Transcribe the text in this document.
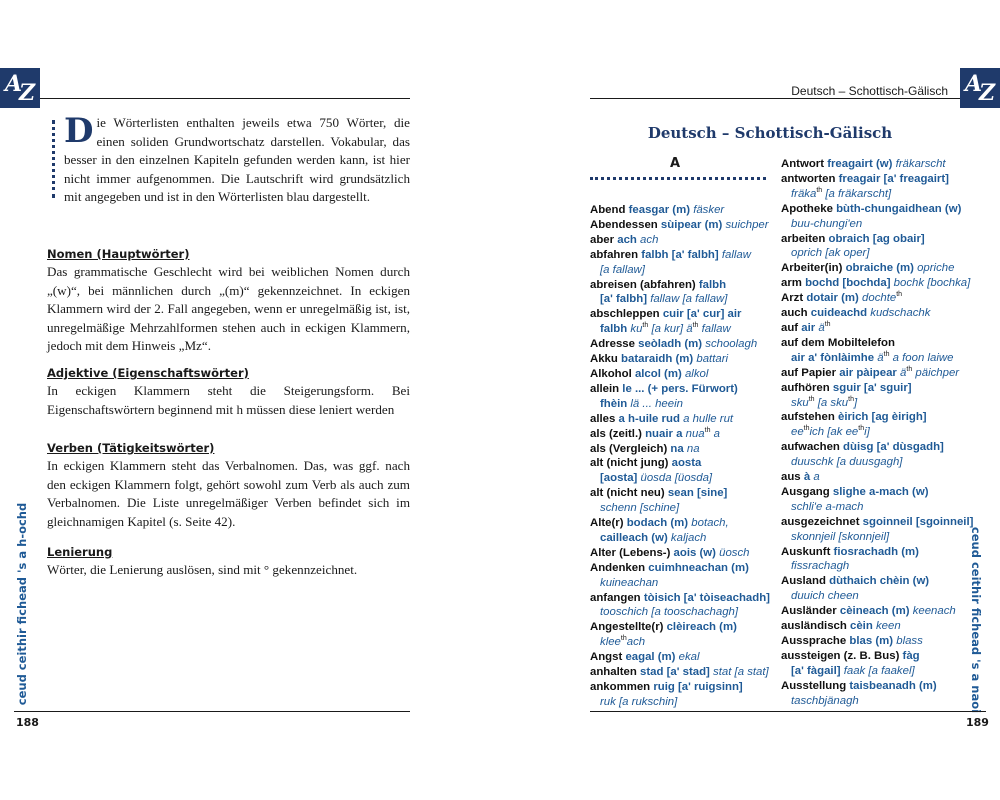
A
Z
Die Wörterlisten enthalten jeweils etwa 750 Wörter, die einen soliden Grundwortschatz darstellen. Vokabular, das besser in den einzelnen Kapiteln gefunden werden kann, ist hier nicht immer aufgenommen. Die Lautschrift wird grundsätzlich mit angegeben und ist in den Wörterlisten blau dargestellt.
Nomen (Hauptwörter)

Das grammatische Geschlecht wird bei weiblichen Nomen durch „(w)“, bei männlichen durch „(m)“ gekennzeichnet. In eckigen Klammern wird der 2. Fall angegeben, wenn er unregelmäßig ist, ist, unregelmäßige Mehrzahlformen stehen auch in eckigen Klammern, jedoch mit dem Hinweis „Mz“.

Adjektive (Eigenschaftswörter)

In eckigen Klammern steht die Steigerungsform. Bei Eigenschaftswörtern beginnend mit h müssen diese leniert werden

Verben (Tätigkeitswörter)

In eckigen Klammern steht das Verbalnomen. Das, was ggf. nach den eckigen Klammern folgt, gehört sowohl zum Verb als auch zum Verbalnomen. Die Liste unregelmäßiger Verben befindet sich im gleichnamigen Kapitel (s. Seite 42).

Lenierung

Wörter, die Lenierung auslösen, sind mit ° gekennzeichnet.

ceud ceithir fichead 's a h-ochd
188
Deutsch – Schottisch-Gälisch A
Z
Deutsch – Schottisch-Gälisch
A
Abend feasgar (m) fäsker
Abendessen sùipear (m) suichper
aber ach ach
abfahren falbh [a' falbh] fallaw
[a fallaw]
abreisen (abfahren) falbh
[a' falbh] fallaw [a fallaw]
abschleppen cuir [a' cur] air
falbh $ku^{th}$ [a kur] $ä^{th}$ fallaw
Adresse seòladh (m) schoolagh
Akku bataraidh (m) battari
Alkohol alcol (m) alkol
allein le ... (+ pers. Fürwort)
fhèin lä ... heein
alles a h-uile rud a hulle rut
als (zeitl.) nuair a nua$^{th}$ a
als (Vergleich) na na
alt (nicht jung) aosta
[aosta] üosda [üosda]
alt (nicht neu) sean [sine]
schenn [schine]
Alte(r) bodach (m) botach,
cailleach (w) kaljach
Alter (Lebens-) aois (w) üosch
Andenken cuimhneachan (m)
kuineachan
anfangen tòisich [a' tòiseachadh]
tooschich [a tooschachagh]
Angestellte(r) clèireach (m)
klee$^{th}$ach
Angst eagal (m) ekal
anhalten stad [a' stad] stat [a stat]
ankommen ruig [a' ruigsinn]
ruk [a rukschin]
Antwort freagairt (w) fräkarscht
antworten freagair [a' freagairt]
fräka$^{th}$ [a fräkarscht]
Apotheke bùth-chungaidhean (w)
buu-chungi'en
arbeiten obraich [ag obair]
oprich [ak oper]
Arbeiter(in) obraiche (m) opriche
arm bochd [bochda] bochk [bochka]
Arzt dotair (m) dochte$^{th}$
auch cuideachd kudschachk
auf air $ä^{th}$
auf dem Mobiltelefon
air a' fònlàimhe $ä^{th}$ a foon laiwe
auf Papier air pàipear $ä^{th}$ päichper
aufhören sguir [a' sguir]
sku$^{th}$ [a sku$^{th}$]
aufstehen èirich [ag èirigh]
$ee^{th}ich$ [ak $ee^{th}i$]
aufwachen dùisg [a' dùsgadh]
duuschk [a duusgagh]
aus à a
Ausgang slighe a-mach (w)
schli'e a-mach
ausgezeichnet sgoinneil [sgoinneil]
skonnjeil [skonnjeil]
Auskunft fiosrachadh (m)
fissrachagh
Ausland dùthaich chèin (w)
duuich cheen
Ausländer cèineach (m) keenach
ausländisch cèin keen
Aussprache blas (m) blass
aussteigen (z. B. Bus) fàg
[a' fàgail] faak [a faakel]
Ausstellung taisbeanadh (m)
taschbjänagh	ceud ceithir fichead 's a naoi
189
